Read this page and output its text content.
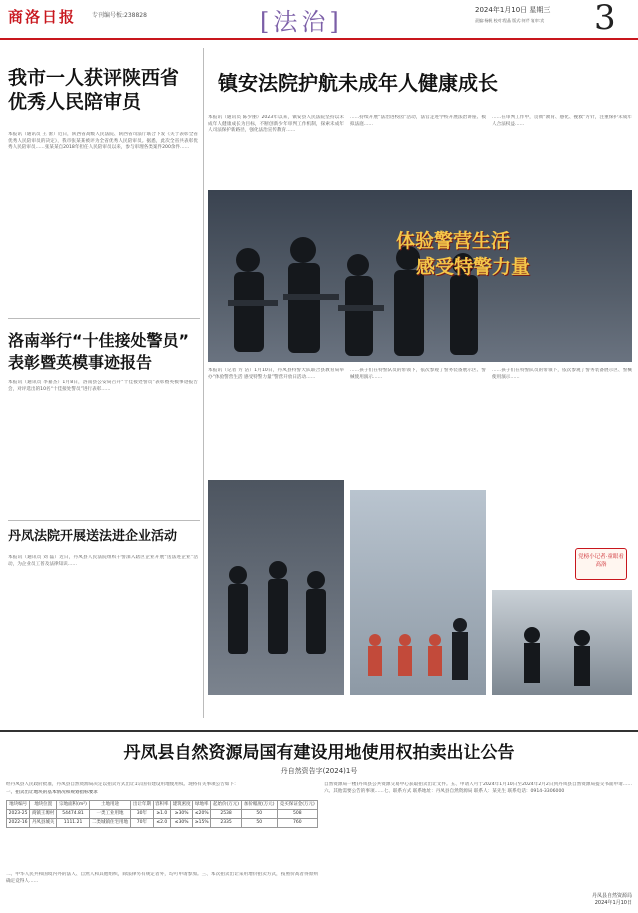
商洛日报	专刊编号板:238828	[法治]	2024年1月10日 星期三
责编:杨帆 校对:程晶 版式:何芹 复审:宾	3
我市一人获评陕西省
优秀人民陪审员
本报讯（通讯员 王 蕾）近日，陕西省高级人民法院、陕西省司法厅联合下发《关于表彰全省优秀人民陪审员的决定》，我市张某某被评为全省优秀人民陪审员。据悉，此次全省共表彰优秀人民陪审员……张某某自2018年担任人民陪审员以来，参与审理各类案件200余件……
洛南举行“十佳接处警员”
表彰暨英模事迹报告
本报讯（通讯员 李嘉杰）1月8日，洛南县公安局召开“十佳接处警员”表彰暨英模事迹报告会，对评选出的10名“十佳接处警员”进行表彰……
丹凤法院开展送法进企业活动
本报讯（通讯员 刘 磊）近日，丹凤县人民法院组织干警深入辖区企业开展“送法进企业”活动，为企业员工普及法律知识……
镇安法院护航未成年人健康成长
本报讯（通讯员 陈少丽）2023年以来，镇安县人民法院坚持以未成年人健康成长为目标，不断创新少年审判工作机制，探索未成年人司法保护新路径，强化法治宣传教育……
……持续开展“法治进校园”活动，法官走进学校开展法治讲座、模拟法庭……
……在审判工作中，贯彻“教育、感化、挽救”方针，注重保护未成年人合法权益……
体验警营生活
感受特警力量
本报讯（记者 方 洁）1月10日，丹凤县特警大队联合县教育局举办“体验警营生活 感受特警力量”警营开放日活动……
……孩子们在特警队员的带领下，依次参观了警务装备展示区、警械使用演示……
……孩子们在特警队员的带领下，依次参观了警务装备展示区、警械使用演示……
党榜小记者·童眼看高洛
丹凤县自然资源局国有建设用地使用权拍卖出让公告
丹自然资告字(2024)1号
经丹凤县人民政府批准，丹凤县自然资源局决定以拍卖方式出让1宗国有建设用地使用权。现将有关事项公告如下：
一、拍卖出让地块的基本情况和规划指标要求
地块编号	地块位置	宗地面积(m²)	土地用途	出让年期	容积率	建筑密度	绿地率	起始价(万元)	加价幅度(万元)	竞买保证金(万元)
2023-25	商镇王塬村	54474.81	一类工业用地	30年	≥1.0	≥30%	≤20%	2538	50	508
2022-16	丹凤县城关	1111.21	二类城镇住宅用地	70年	≤2.0	≤30%	≥15%	2335	50	760
二、中华人民共和国境内外的法人、自然人和其他组织，除法律另有规定者外，均可申请参加。三、本次拍卖出让采用增价拍卖方式，按照价高者得原则确定竞得人……
自然资源局一楼)丹凤县公共资源交易中心获取拍卖出让文件。五、申请人可于2024年1月10日至2024年2月2日到丹凤县自然资源局提交书面申请……六、其他需要公告的事项……七、联系方式 联系地址：丹凤县自然资源局 联系人：某先生 联系电话：0914-3306000
丹凤县自然资源局
2024年1月10日
